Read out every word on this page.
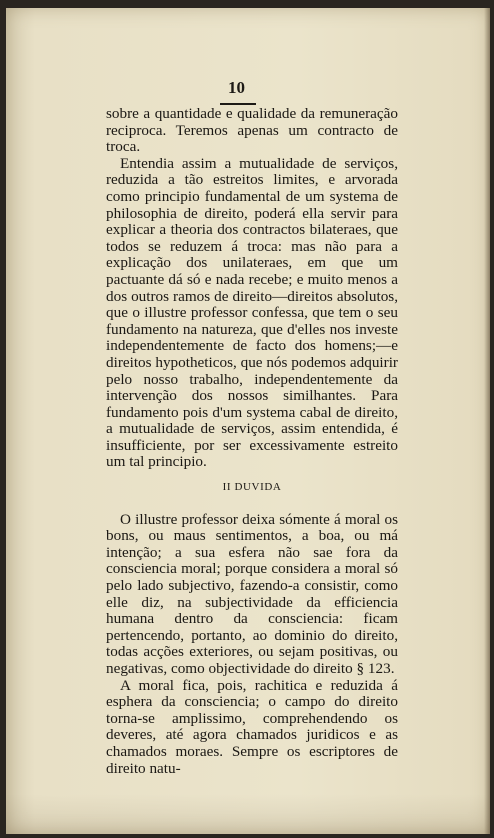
10

sobre a quantidade e qualidade da remuneração reciproca. Teremos apenas um contracto de troca.

Entendia assim a mutualidade de serviços, reduzida a tão estreitos limites, e arvorada como principio fundamental de um systema de philosophia de direito, poderá ella servir para explicar a theoria dos contractos bilateraes, que todos se reduzem á troca: mas não para a explicação dos unilateraes, em que um pactuante dá só e nada recebe; e muito menos a dos outros ramos de direito—direitos absolutos, que o illustre professor confessa, que tem o seu fundamento na natureza, que d'elles nos investe independentemente de facto dos homens;—e direitos hypotheticos, que nós podemos adquirir pelo nosso trabalho, independentemente da intervenção dos nossos similhantes. Para fundamento pois d'um systema cabal de direito, a mutualidade de serviços, assim entendida, é insufficiente, por ser excessivamente estreito um tal principio.

II DUVIDA

O illustre professor deixa sómente á moral os bons, ou maus sentimentos, a boa, ou má intenção; a sua esfera não sae fora da consciencia moral; porque considera a moral só pelo lado subjectivo, fazendo-a consistir, como elle diz, na subjectividade da efficiencia humana dentro da consciencia: ficam pertencendo, portanto, ao dominio do direito, todas acções exteriores, ou sejam positivas, ou negativas, como objectividade do direito § 123.

A moral fica, pois, rachitica e reduzida á esphera da consciencia; o campo do direito torna-se amplissimo, comprehendendo os deveres, até agora chamados juridicos e as chamados moraes. Sempre os escriptores de direito natu-
